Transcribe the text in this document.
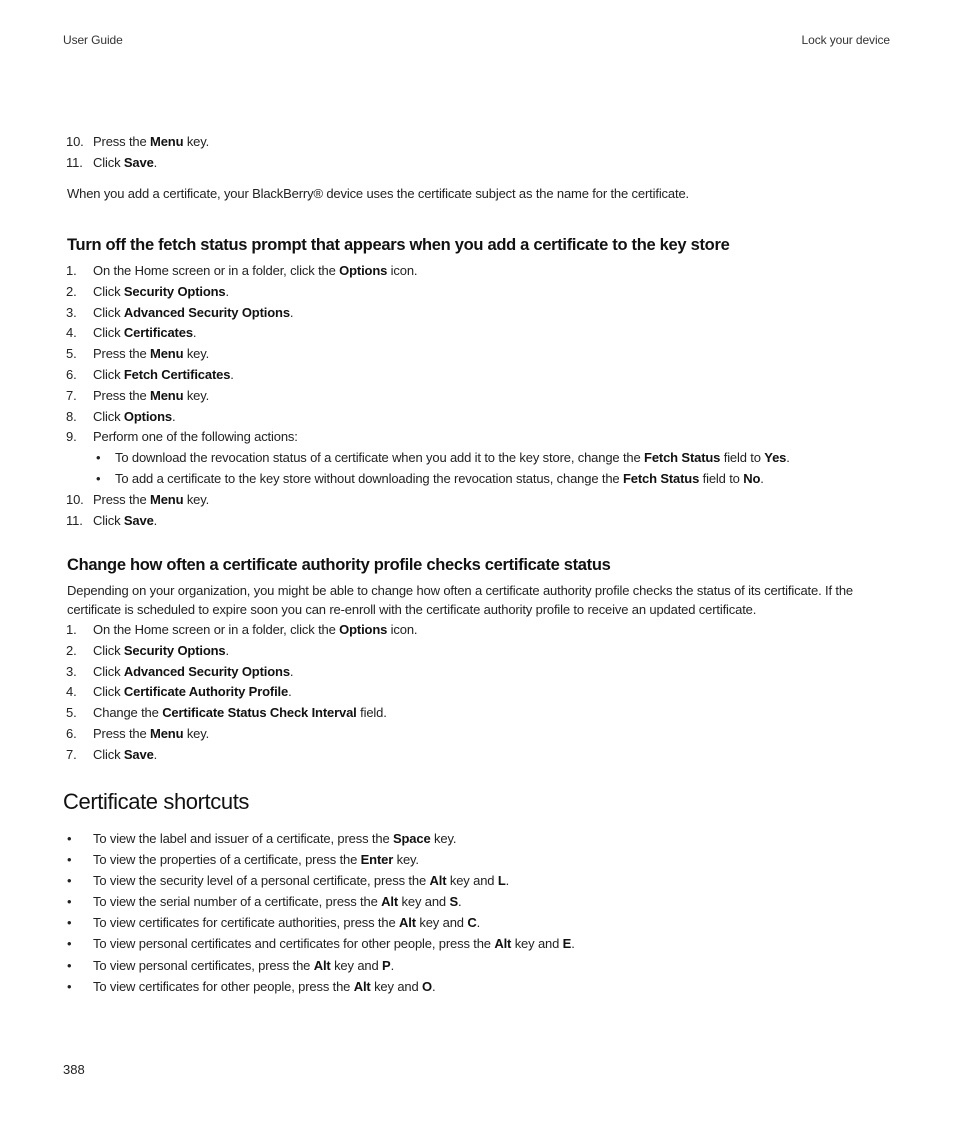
User Guide	Lock your device
10. Press the Menu key.
11. Click Save.

When you add a certificate, your BlackBerry® device uses the certificate subject as the name for the certificate.

Turn off the fetch status prompt that appears when you add a certificate to the key store
1. On the Home screen or in a folder, click the Options icon.
2. Click Security Options.
3. Click Advanced Security Options.
4. Click Certificates.
5. Press the Menu key.
6. Click Fetch Certificates.
7. Press the Menu key.
8. Click Options.
9. Perform one of the following actions:
• To download the revocation status of a certificate when you add it to the key store, change the Fetch Status field to Yes.
• To add a certificate to the key store without downloading the revocation status, change the Fetch Status field to No.
10. Press the Menu key.
11. Click Save.
Change how often a certificate authority profile checks certificate status

Depending on your organization, you might be able to change how often a certificate authority profile checks the status of its certificate. If the certificate is scheduled to expire soon you can re-enroll with the certificate authority profile to receive an updated certificate.

1. On the Home screen or in a folder, click the Options icon.
2. Click Security Options.
3. Click Advanced Security Options.
4. Click Certificate Authority Profile.
5. Change the Certificate Status Check Interval field.
6. Press the Menu key.
7. Click Save.
Certificate shortcuts
• To view the label and issuer of a certificate, press the Space key.
• To view the properties of a certificate, press the Enter key.
• To view the security level of a personal certificate, press the Alt key and L.
• To view the serial number of a certificate, press the Alt key and S.
• To view certificates for certificate authorities, press the Alt key and C.
• To view personal certificates and certificates for other people, press the Alt key and E.
• To view personal certificates, press the Alt key and P.
• To view certificates for other people, press the Alt key and O.
388
